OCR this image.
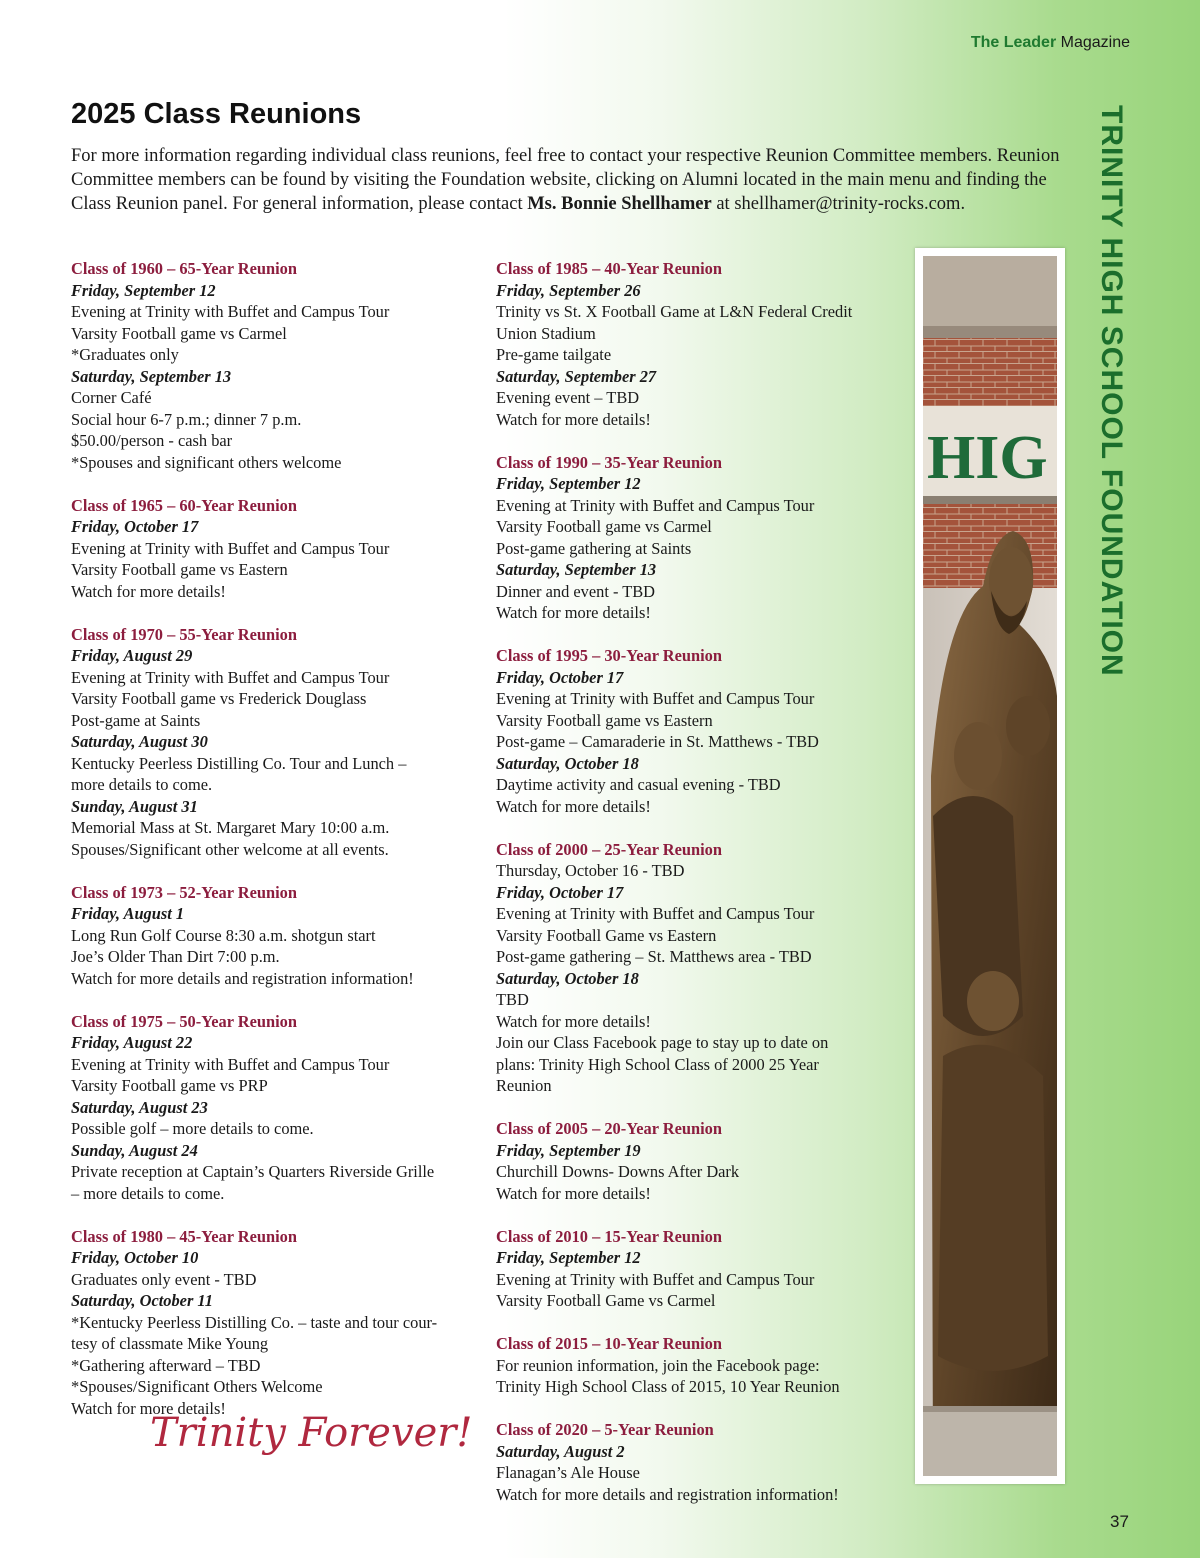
The Leader Magazine
2025 Class Reunions
For more information regarding individual class reunions, feel free to contact your respective Reunion Committee members. Reunion Committee members can be found by visiting the Foundation website, clicking on Alumni located in the main menu and finding the Class Reunion panel. For general information, please contact Ms. Bonnie Shellhamer at shellhamer@trinity-rocks.com.	TRINITY HIGH SCHOOL FOUNDATION
Class of 1960 – 65-Year Reunion
Friday, September 12
Evening at Trinity with Buffet and Campus Tour
Varsity Football game vs Carmel
*Graduates only
Saturday, September 13
Corner Café
Social hour 6-7 p.m.; dinner 7 p.m.
$50.00/person - cash bar
*Spouses and significant others welcome
Class of 1965 – 60-Year Reunion
Friday, October 17
Evening at Trinity with Buffet and Campus Tour
Varsity Football game vs Eastern
Watch for more details!
Class of 1970 – 55-Year Reunion
Friday, August 29
Evening at Trinity with Buffet and Campus Tour
Varsity Football game vs Frederick Douglass
Post-game at Saints
Saturday, August 30
Kentucky Peerless Distilling Co. Tour and Lunch –
more details to come.
Sunday, August 31
Memorial Mass at St. Margaret Mary 10:00 a.m.
Spouses/Significant other welcome at all events.
Class of 1973 – 52-Year Reunion
Friday, August 1
Long Run Golf Course 8:30 a.m. shotgun start
Joe’s Older Than Dirt 7:00 p.m.
Watch for more details and registration information!
Class of 1975 – 50-Year Reunion
Friday, August 22
Evening at Trinity with Buffet and Campus Tour
Varsity Football game vs PRP
Saturday, August 23
Possible golf – more details to come.
Sunday, August 24
Private reception at Captain’s Quarters Riverside Grille
– more details to come.
Class of 1980 – 45-Year Reunion
Friday, October 10
Graduates only event - TBD
Saturday, October 11
*Kentucky Peerless Distilling Co. – taste and tour cour-
tesy of classmate Mike Young
*Gathering afterward – TBD
*Spouses/Significant Others Welcome
Watch for more details!
Class of 1985 – 40-Year Reunion
Friday, September 26
Trinity vs St. X Football Game at L&N Federal Credit
Union Stadium
Pre-game tailgate
Saturday, September 27
Evening event – TBD
Watch for more details!
Class of 1990 – 35-Year Reunion
Friday, September 12
Evening at Trinity with Buffet and Campus Tour
Varsity Football game vs Carmel
Post-game gathering at Saints
Saturday, September 13
Dinner and event - TBD
Watch for more details!
Class of 1995 – 30-Year Reunion
Friday, October 17
Evening at Trinity with Buffet and Campus Tour
Varsity Football game vs Eastern
Post-game – Camaraderie in St. Matthews - TBD
Saturday, October 18
Daytime activity and casual evening - TBD
Watch for more details!
Class of 2000 – 25-Year Reunion
Thursday, October 16 - TBD
Friday, October 17
Evening at Trinity with Buffet and Campus Tour
Varsity Football Game vs Eastern
Post-game gathering – St. Matthews area - TBD
Saturday, October 18
TBD
Watch for more details!
Join our Class Facebook page to stay up to date on
plans: Trinity High School Class of 2000 25 Year
Reunion
Class of 2005 – 20-Year Reunion
Friday, September 19
Churchill Downs- Downs After Dark
Watch for more details!
Class of 2010 – 15-Year Reunion
Friday, September 12
Evening at Trinity with Buffet and Campus Tour
Varsity Football Game vs Carmel
Class of 2015 – 10-Year Reunion
For reunion information, join the Facebook page:
Trinity High School Class of 2015, 10 Year Reunion
Class of 2020 – 5-Year Reunion
Saturday, August 2
Flanagan’s Ale House
Watch for more details and registration information!
HIG
Trinity Forever!
37
